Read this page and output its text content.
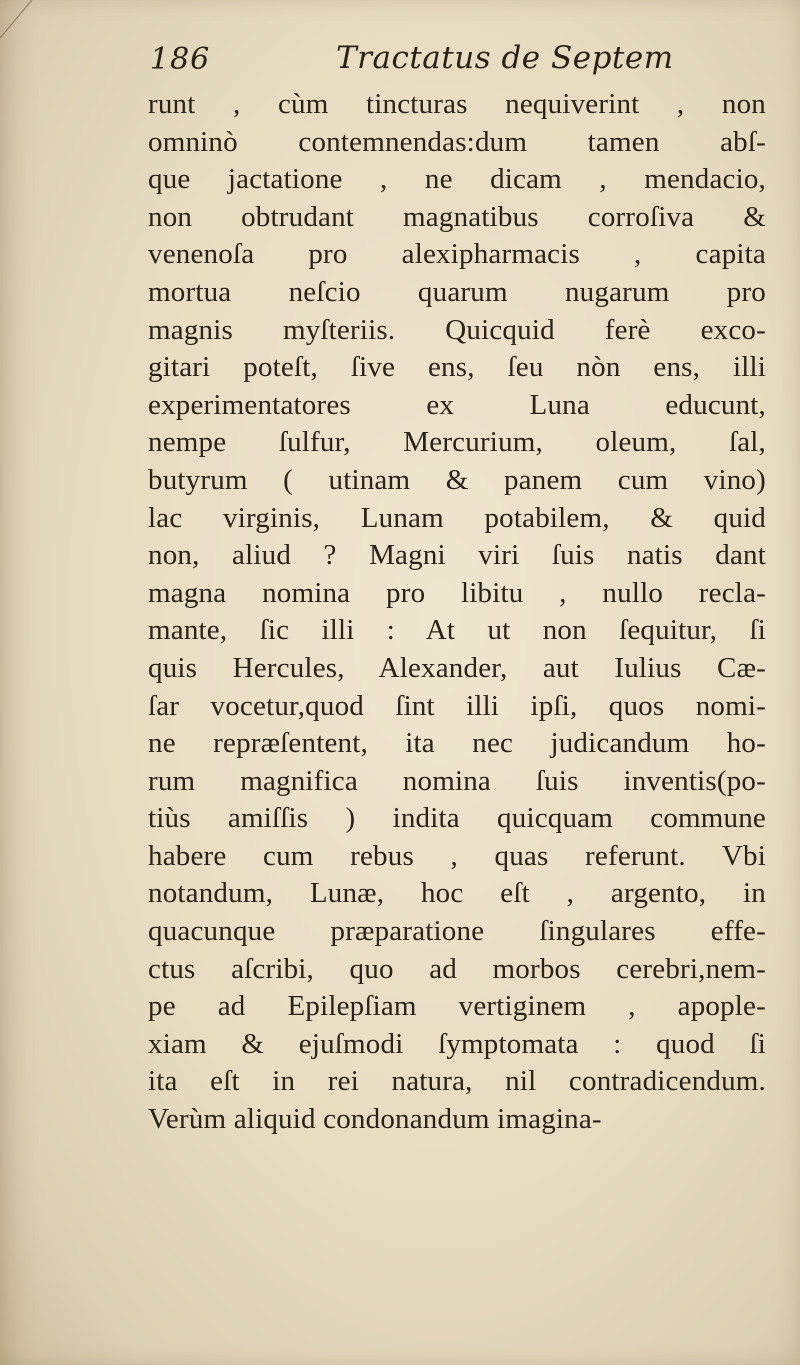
186	Tractatus de Septem
runt , cùm tincturas nequiverint , non
omninò contemnendas:dum tamen abſ-
que jactatione , ne dicam , mendacio,
non obtrudant magnatibus corroſiva &
venenoſa pro alexipharmacis , capita
mortua neſcio quarum nugarum pro
magnis myſteriis. Quicquid ferè exco-
gitari poteſt, ſive ens, ſeu nòn ens, illi
experimentatores ex Luna educunt,
nempe ſulfur, Mercurium, oleum, ſal,
butyrum ( utinam & panem cum vino)
lac virginis, Lunam potabilem, & quid
non, aliud ? Magni viri ſuis natis dant
magna nomina pro libitu , nullo recla-
mante, ſic illi : At ut non ſequitur, ſi
quis Hercules, Alexander, aut Iulius Cæ-
ſar vocetur,quod ſint illi ipſi, quos nomi-
ne repræſentent, ita nec judicandum ho-
rum magnifica nomina ſuis inventis(po-
tiùs amiſſis ) indita quicquam commune
habere cum rebus , quas referunt. Vbi
notandum, Lunæ, hoc eſt , argento, in
quacunque præparatione ſingulares effe-
ctus aſcribi, quo ad morbos cerebri,nem-
pe ad Epilepſiam vertiginem , apople-
xiam & ejuſmodi ſymptomata : quod ſi
ita eſt in rei natura, nil contradicendum.
Verùm aliquid condonandum imagina-
